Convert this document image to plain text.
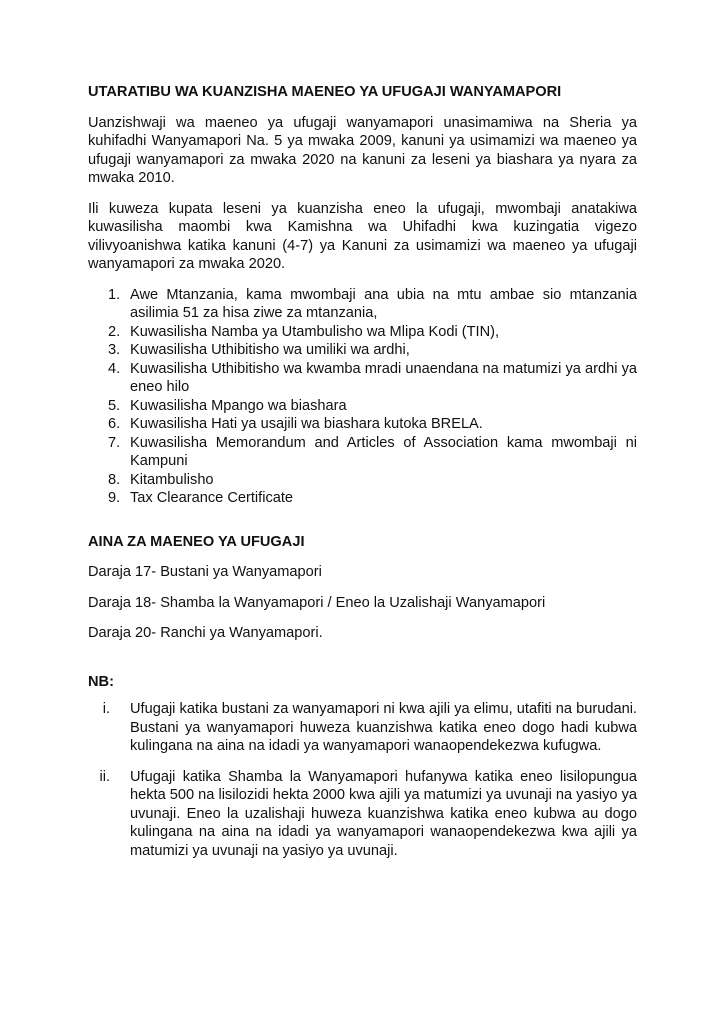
UTARATIBU WA KUANZISHA MAENEO YA UFUGAJI WANYAMAPORI

Uanzishwaji wa maeneo ya ufugaji wanyamapori unasimamiwa na Sheria ya kuhifadhi Wanyamapori Na. 5 ya mwaka 2009, kanuni ya usimamizi wa maeneo ya ufugaji wanyamapori za mwaka 2020 na kanuni za leseni ya biashara ya nyara za mwaka 2010.

Ili kuweza kupata leseni ya kuanzisha eneo la ufugaji, mwombaji anatakiwa kuwasilisha maombi kwa Kamishna wa Uhifadhi kwa kuzingatia vigezo vilivyoanishwa katika kanuni (4-7) ya Kanuni za usimamizi wa maeneo ya ufugaji wanyamapori za mwaka 2020.

1. Awe Mtanzania, kama mwombaji ana ubia na mtu ambae sio mtanzania asilimia 51 za hisa ziwe za mtanzania,
2. Kuwasilisha Namba ya Utambulisho wa Mlipa Kodi (TIN),
3. Kuwasilisha Uthibitisho wa umiliki wa ardhi,
4. Kuwasilisha Uthibitisho wa kwamba mradi unaendana na matumizi ya ardhi ya eneo hilo
5. Kuwasilisha Mpango wa biashara
6. Kuwasilisha Hati ya usajili wa biashara kutoka BRELA.
7. Kuwasilisha Memorandum and Articles of Association kama mwombaji ni Kampuni
8. Kitambulisho
9. Tax Clearance Certificate
AINA ZA MAENEO YA UFUGAJI
Daraja 17- Bustani ya Wanyamapori
Daraja 18- Shamba la Wanyamapori / Eneo la Uzalishaji Wanyamapori
Daraja 20- Ranchi ya Wanyamapori.
NB:
i. Ufugaji katika bustani za wanyamapori ni kwa ajili ya elimu, utafiti na burudani. Bustani ya wanyamapori huweza kuanzishwa katika eneo dogo hadi kubwa kulingana na aina na idadi ya wanyamapori wanaopendekezwa kufugwa.
ii. Ufugaji katika Shamba la Wanyamapori hufanywa katika eneo lisilopungua hekta 500 na lisilozidi hekta 2000 kwa ajili ya matumizi ya uvunaji na yasiyo ya uvunaji. Eneo la uzalishaji huweza kuanzishwa katika eneo kubwa au dogo kulingana na aina na idadi ya wanyamapori wanaopendekezwa kwa ajili ya matumizi ya uvunaji na yasiyo ya uvunaji.
